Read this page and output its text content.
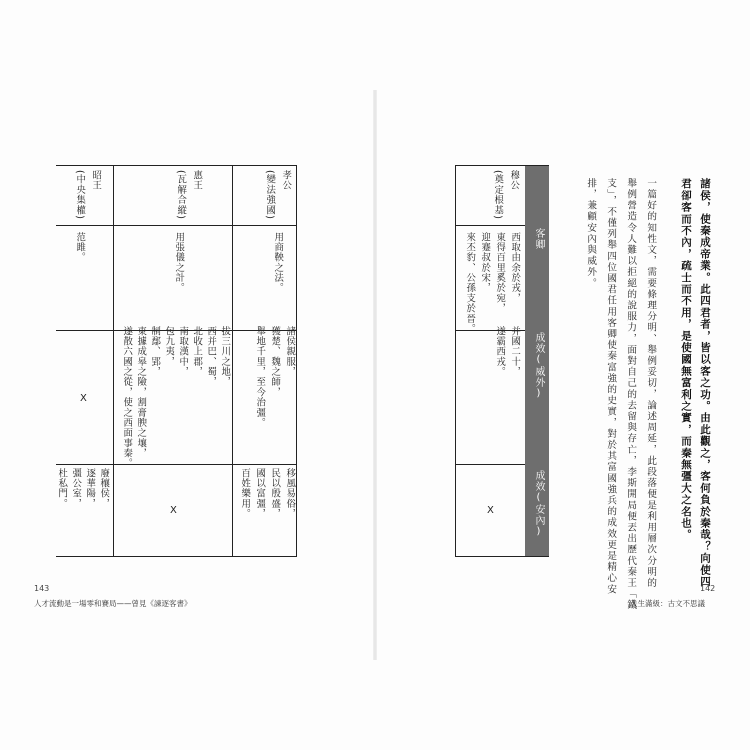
諸侯，使秦成帝業。此四君者，皆以客之功。由此觀之，客何負於秦哉？向使四
君卻客而不內，疏士而不用，是使國無富利之實，而秦無彊大之名也。
一篇好的知性文，需要條理分明、舉例妥切，論述周延，此段落便是利用層次分明的
舉例營造令人難以拒絕的說服力，面對自己的去留與存亡，李斯開局便丟出歷代秦王「鐵
支」，不僅列舉四位國君任用客卿使秦富強的史實，對於其富國強兵的成效更是精心安
排，兼顧安內與威外。
客卿
成效(威外)
成效(安內)
穆公
(奠定根基)
西取由余於戎，
東得百里奚於宛，
迎蹇叔於宋，
來丕豹、公孫支於晉。
并國二十，
遂霸西戎。
X
142
人生滿級：古文不思議
孝公
(變法強國)
用商鞅之法。
諸侯親服，
獲楚、魏之師，
舉地千里，至今治彊。
移風易俗，
民以殷盛，
國以富彊，
百姓樂用。
惠王
(瓦解合縱)
用張儀之計。
拔三川之地，
西并巴、蜀，
北收上郡，
南取漢中，
包九夷，
制鄢、郢，
東據成皋之險，割膏腴之壤，
遂散六國之從，使之西面事秦。
X
昭王
(中央集權)
范雎。
X
廢穰侯，
逐華陽，
彊公室，
杜私門。
143
人才流動是一場零和賽局——曾見《諫逐客書》
